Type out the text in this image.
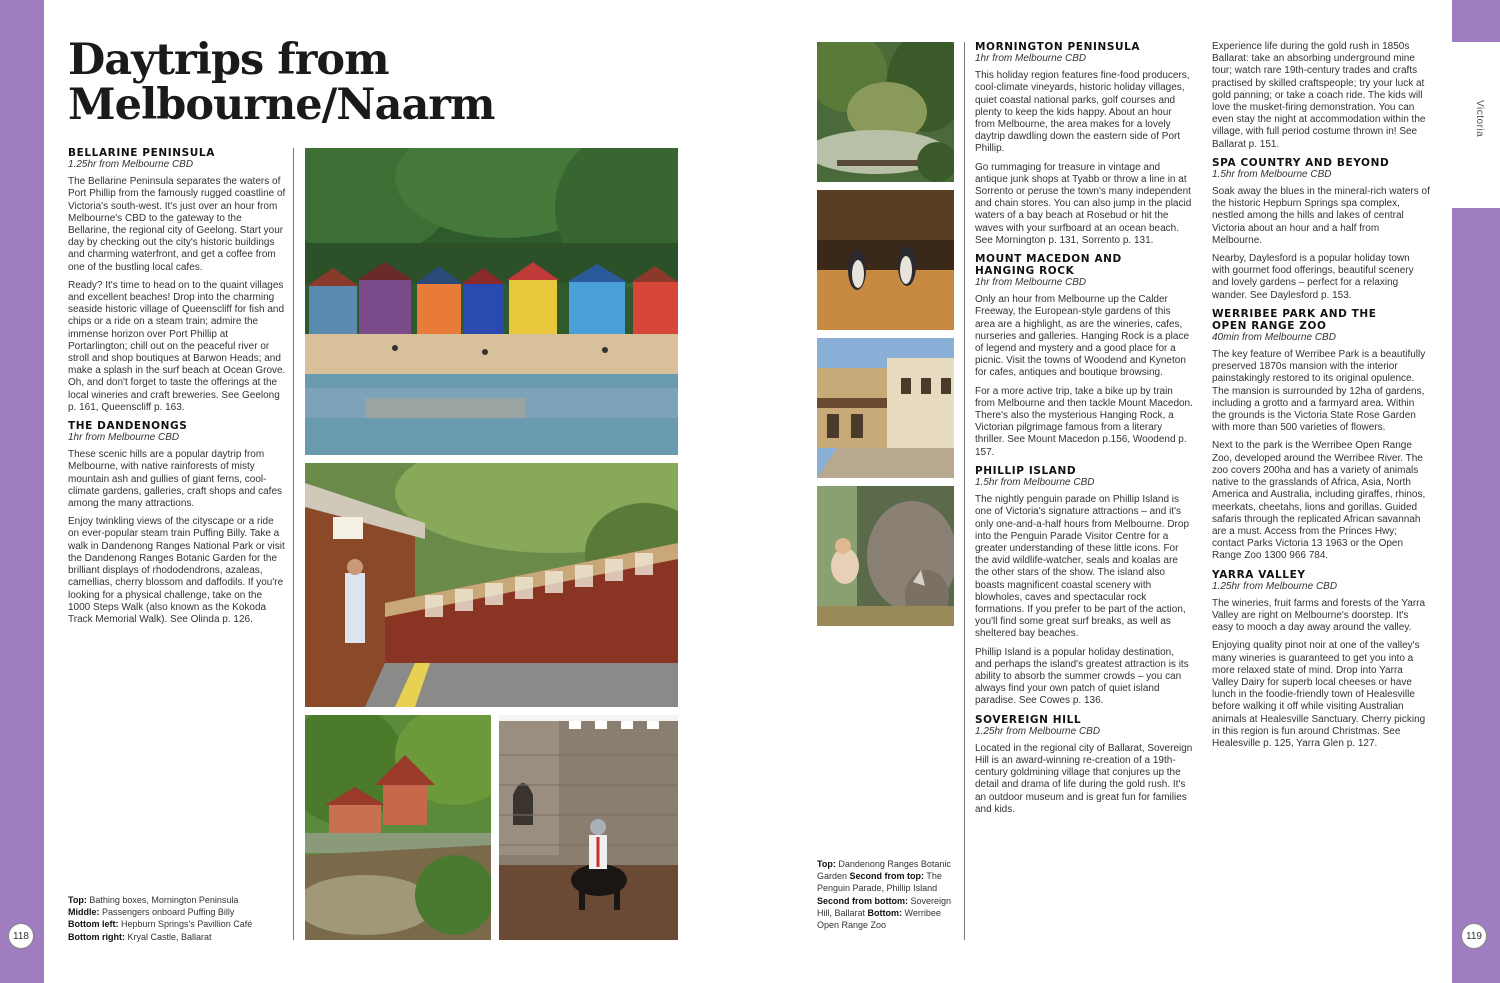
Victoria
118	119
Daytrips from
Melbourne/Naarm
BELLARINE PENINSULA
1.25hr from Melbourne CBD

The Bellarine Peninsula separates the waters of Port Phillip from the famously rugged coastline of Victoria's south-west. It's just over an hour from Melbourne's CBD to the gateway to the Bellarine, the regional city of Geelong. Start your day by checking out the city's historic buildings and charming waterfront, and get a coffee from one of the bustling local cafes.

Ready? It's time to head on to the quaint villages and excellent beaches! Drop into the charming seaside historic village of Queenscliff for fish and chips or a ride on a steam train; admire the immense horizon over Port Phillip at Portarlington; chill out on the peaceful river or stroll and shop boutiques at Barwon Heads; and make a splash in the surf beach at Ocean Grove. Oh, and don't forget to taste the offerings at the local wineries and craft breweries. See Geelong p. 161, Queenscliff p. 163.

THE DANDENONGS
1hr from Melbourne CBD

These scenic hills are a popular daytrip from Melbourne, with native rainforests of misty mountain ash and gullies of giant ferns, cool-climate gardens, galleries, craft shops and cafes among the many attractions.

Enjoy twinkling views of the cityscape or a ride on ever-popular steam train Puffing Billy. Take a walk in Dandenong Ranges National Park or visit the Dandenong Ranges Botanic Garden for the brilliant displays of rhododendrons, azaleas, camellias, cherry blossom and daffodils. If you're looking for a physical challenge, take on the 1000 Steps Walk (also known as the Kokoda Track Memorial Walk). See Olinda p. 126.

Top: Bathing boxes, Mornington Peninsula
Middle: Passengers onboard Puffing Billy
Bottom left: Hepburn Springs's Pavillion Café
Bottom right: Kryal Castle, Ballarat
Top: Dandenong Ranges Botanic Garden Second from top: The Penguin Parade, Phillip Island Second from bottom: Sovereign Hill, Ballarat Bottom: Werribee Open Range Zoo
MORNINGTON PENINSULA
1hr from Melbourne CBD

This holiday region features fine-food producers, cool-climate vineyards, historic holiday villages, quiet coastal national parks, golf courses and plenty to keep the kids happy. About an hour from Melbourne, the area makes for a lovely daytrip dawdling down the eastern side of Port Phillip.

Go rummaging for treasure in vintage and antique junk shops at Tyabb or throw a line in at Sorrento or peruse the town's many independent and chain stores. You can also jump in the placid waters of a bay beach at Rosebud or hit the waves with your surfboard at an ocean beach. See Mornington p. 131, Sorrento p. 131.

MOUNT MACEDON AND
HANGING ROCK
1hr from Melbourne CBD

Only an hour from Melbourne up the Calder Freeway, the European-style gardens of this area are a highlight, as are the wineries, cafes, nurseries and galleries. Hanging Rock is a place of legend and mystery and a good place for a picnic. Visit the towns of Woodend and Kyneton for cafes, antiques and boutique browsing.

For a more active trip, take a bike up by train from Melbourne and then tackle Mount Macedon. There's also the mysterious Hanging Rock, a Victorian pilgrimage famous from a literary thriller. See Mount Macedon p.156, Woodend p. 157.

PHILLIP ISLAND
1.5hr from Melbourne CBD

The nightly penguin parade on Phillip Island is one of Victoria's signature attractions – and it's only one-and-a-half hours from Melbourne. Drop into the Penguin Parade Visitor Centre for a greater understanding of these little icons. For the avid wildlife-watcher, seals and koalas are the other stars of the show. The island also boasts magnificent coastal scenery with blowholes, caves and spectacular rock formations. If you prefer to be part of the action, you'll find some great surf breaks, as well as sheltered bay beaches.

Phillip Island is a popular holiday destination, and perhaps the island's greatest attraction is its ability to absorb the summer crowds – you can always find your own patch of quiet island paradise. See Cowes p. 136.

SOVEREIGN HILL
1.25hr from Melbourne CBD

Located in the regional city of Ballarat, Sovereign Hill is an award-winning re-creation of a 19th-century goldmining village that conjures up the detail and drama of life during the gold rush. It's an outdoor museum and is great fun for families and kids.

Experience life during the gold rush in 1850s Ballarat: take an absorbing underground mine tour; watch rare 19th-century trades and crafts practised by skilled craftspeople; try your luck at gold panning; or take a coach ride. The kids will love the musket-firing demonstration. You can even stay the night at accommodation within the village, with full period costume thrown in! See Ballarat p. 151.

SPA COUNTRY AND BEYOND
1.5hr from Melbourne CBD

Soak away the blues in the mineral-rich waters of the historic Hepburn Springs spa complex, nestled among the hills and lakes of central Victoria about an hour and a half from Melbourne.

Nearby, Daylesford is a popular holiday town with gourmet food offerings, beautiful scenery and lovely gardens – perfect for a relaxing wander. See Daylesford p. 153.

WERRIBEE PARK AND THE
OPEN RANGE ZOO
40min from Melbourne CBD

The key feature of Werribee Park is a beautifully preserved 1870s mansion with the interior painstakingly restored to its original opulence. The mansion is surrounded by 12ha of gardens, including a grotto and a farmyard area. Within the grounds is the Victoria State Rose Garden with more than 500 varieties of flowers.

Next to the park is the Werribee Open Range Zoo, developed around the Werribee River. The zoo covers 200ha and has a variety of animals native to the grasslands of Africa, Asia, North America and Australia, including giraffes, rhinos, meerkats, cheetahs, lions and gorillas. Guided safaris through the replicated African savannah are a must. Access from the Princes Hwy; contact Parks Victoria 13 1963 or the Open Range Zoo 1300 966 784.

YARRA VALLEY
1.25hr from Melbourne CBD

The wineries, fruit farms and forests of the Yarra Valley are right on Melbourne's doorstep. It's easy to mooch a day away around the valley.

Enjoying quality pinot noir at one of the valley's many wineries is guaranteed to get you into a more relaxed state of mind. Drop into Yarra Valley Dairy for superb local cheeses or have lunch in the foodie-friendly town of Healesville before walking it off while visiting Australian animals at Healesville Sanctuary. Cherry picking in this region is fun around Christmas. See Healesville p. 125, Yarra Glen p. 127.
